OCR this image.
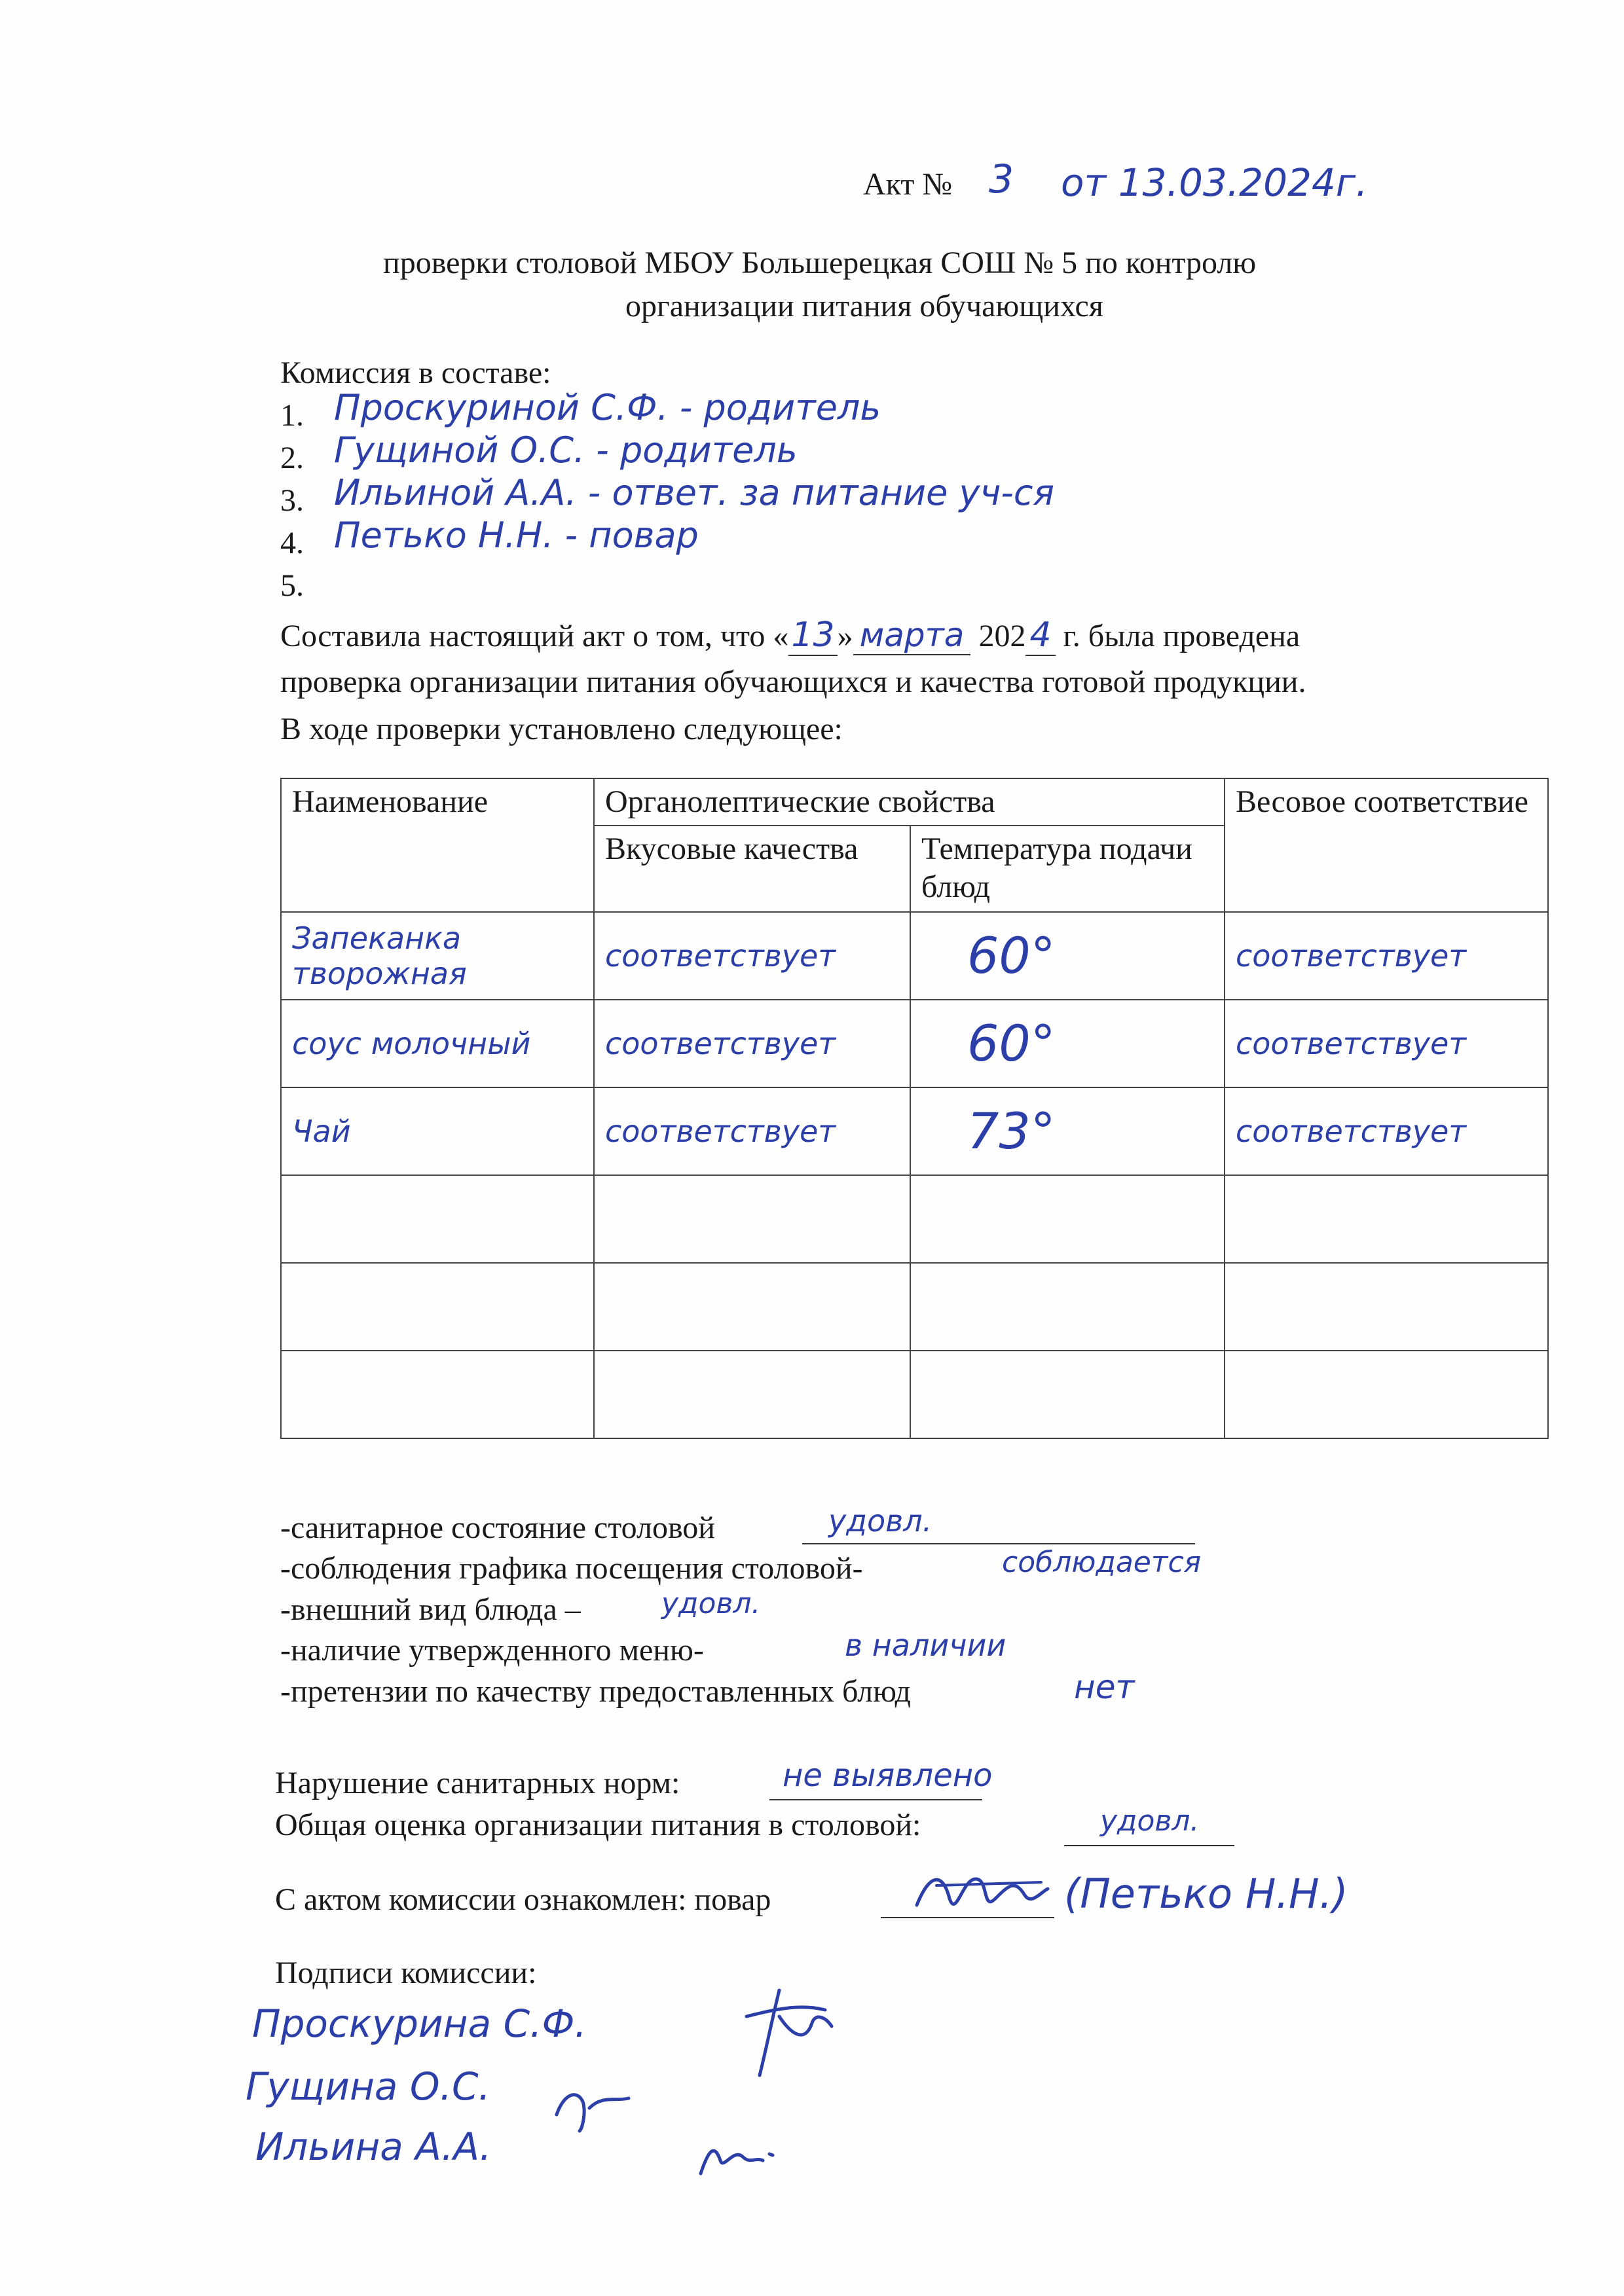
Акт № 3 от 13.03.2024г.
проверки столовой МБОУ Большерецкая СОШ № 5 по контролю
организации питания обучающихся
Комиссия в составе:
1. Проскуриной С.Ф. - родитель
2. Гущиной О.С. - родитель
3. Ильиной А.А. - ответ. за питание уч-ся
4. Петько Н.Н. - повар
5.
Составила настоящий акт о том, что «13» марта 202 4 г. была проведена
проверка организации питания обучающихся и качества готовой продукции.
В ходе проверки установлено следующее:
Наименование	Органолептические свойства		Весовое соответствие
	Вкусовые качества	Температура подачи блюд	

Запеканка творожная	соответствует	60°	соответствует

соус молочный	соответствует	60°	соответствует

Чай	соответствует	73°	соответствует

-санитарное состояние столовой	удовл.
-соблюдения графика посещения столовой-	соблюдается
-внешний вид блюда –	удовл.
-наличие утвержденного меню-	в наличии
-претензии по качеству предоставленных блюд	нет
Нарушение санитарных норм:	не выявлено
Общая оценка организации питания в столовой:	удовл.
С актом комиссии ознакомлен: повар	(Петько Н.Н.)
Подписи комиссии:
Проскурина С.Ф.
Гущина О.С.
Ильина А.А.
